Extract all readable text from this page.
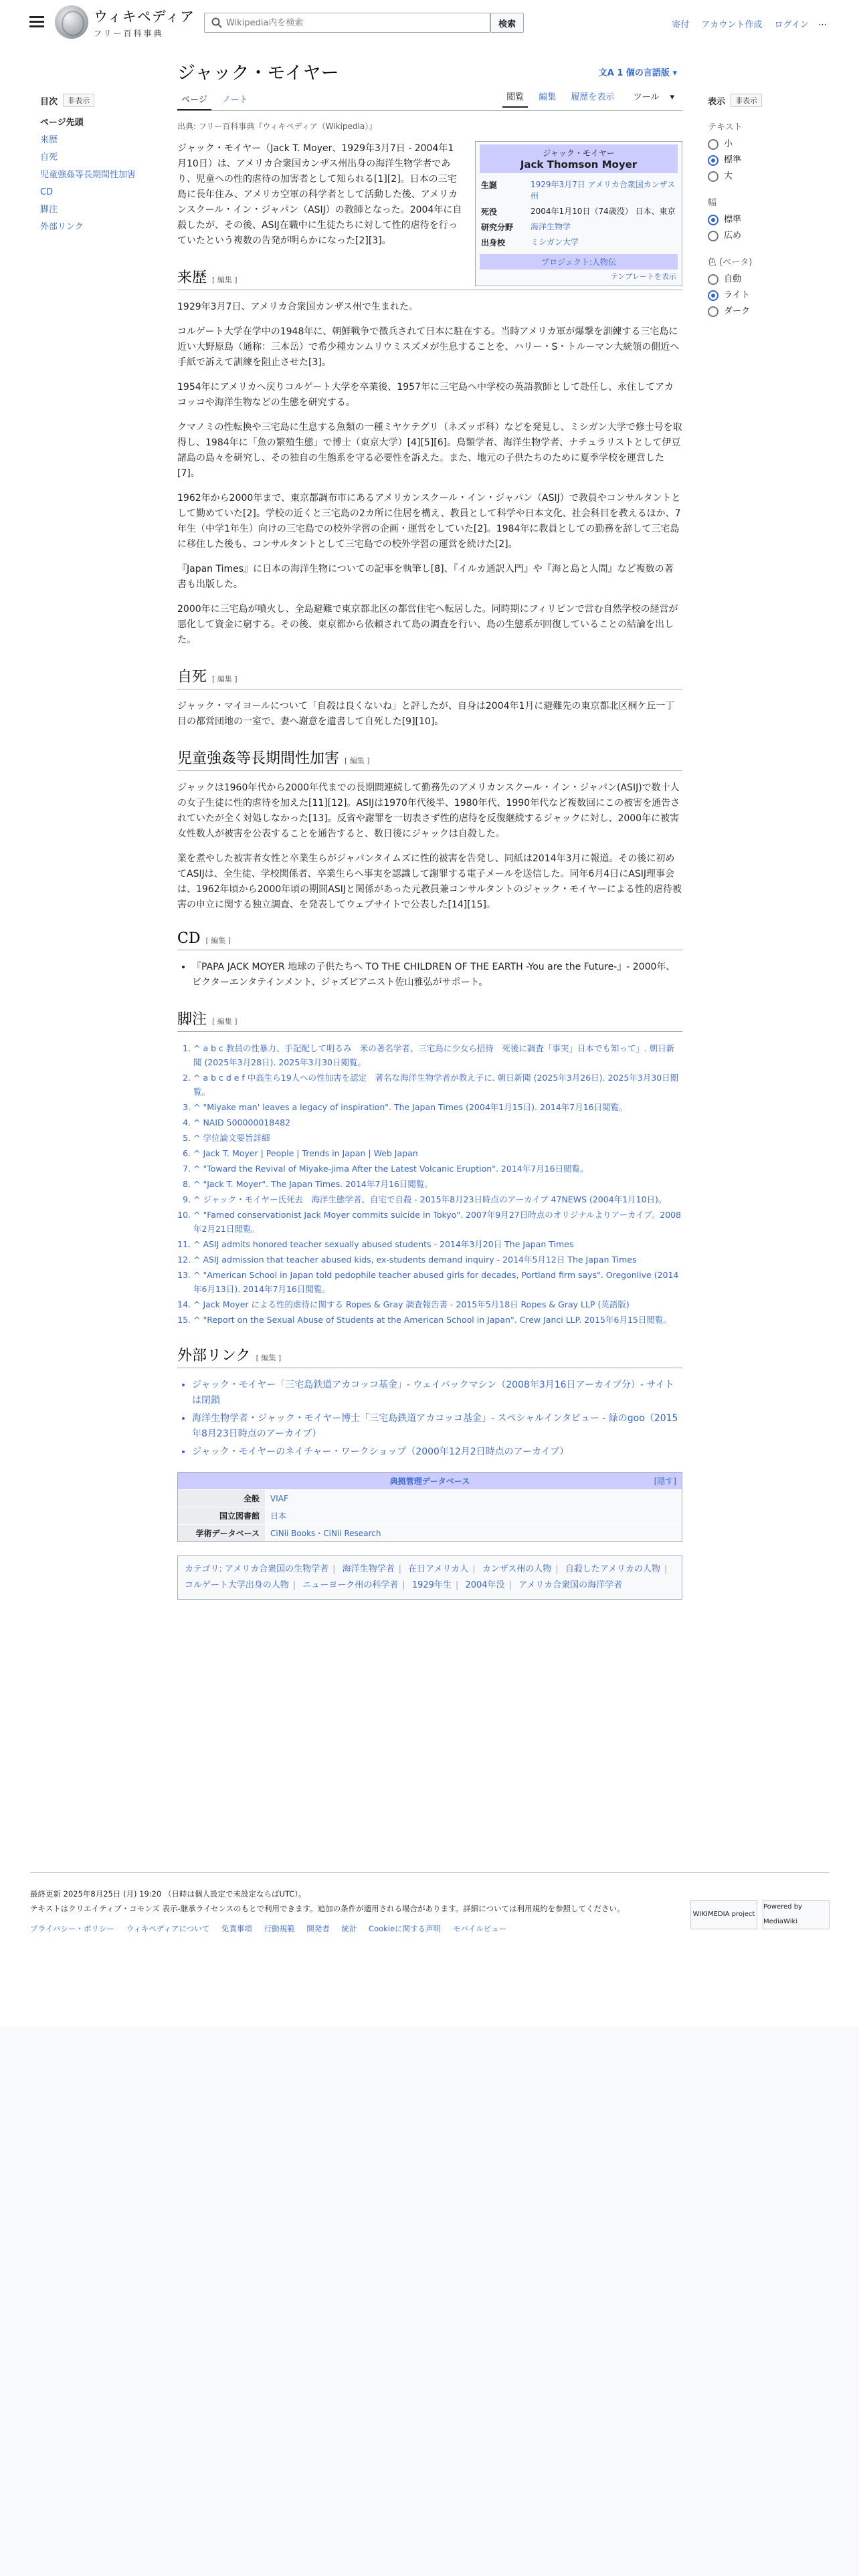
ウィキペディア
フリー百科事典
Wikipedia内を検索
検索	寄付 アカウント作成 ログイン ⋯
目次	非表示
ページ先頭
来歴
自死
児童強姦等長期間性加害
CD
脚注
外部リンク
表示	非表示
テキスト
小
標準
大
幅
標準
広め
色 (ベータ)
自動
ライト
ダーク
ジャック・モイヤー	文A 1 個の言語版 ▾
ページ ノート	閲覧 編集 履歴を表示 ツール ▾
出典: フリー百科事典『ウィキペディア（Wikipedia）』
ジャック・モイヤー
Jack Thomson Moyer
生誕	1929年3月7日 アメリカ合衆国カンザス州
死没	2004年1月10日（74歳没） 日本、東京
研究分野	海洋生物学
出身校	ミシガン大学
プロジェクト:人物伝
テンプレートを表示

ジャック・モイヤー（Jack T. Moyer、1929年3月7日 - 2004年1月10日）は、アメリカ合衆国カンザス州出身の海洋生物学者であり、児童への性的虐待の加害者として知られる[1][2]。日本の三宅島に長年住み、アメリカ空軍の科学者として活動した後、アメリカンスクール・イン・ジャパン（ASIJ）の教師となった。2004年に自殺したが、その後、ASIJ在職中に生徒たちに対して性的虐待を行っていたという複数の告発が明らかになった[2][3]。

来歴 [ 編集 ]

1929年3月7日、アメリカ合衆国カンザス州で生まれた。

コルゲート大学在学中の1948年に、朝鮮戦争で徴兵されて日本に駐在する。当時アメリカ軍が爆撃を訓練する三宅島に近い大野原島（通称：三本岳）で希少種カンムリウミスズメが生息することを、ハリー・S・トルーマン大統領の側近へ手紙で訴えて訓練を阻止させた[3]。

1954年にアメリカへ戻りコルゲート大学を卒業後、1957年に三宅島へ中学校の英語教師として赴任し、永住してアカコッコや海洋生物などの生態を研究する。

クマノミの性転換や三宅島に生息する魚類の一種ミヤケテグリ（ネズッポ科）などを発見し、ミシガン大学で修士号を取得し、1984年に「魚の繁殖生態」で博士（東京大学）[4][5][6]。鳥類学者、海洋生物学者、ナチュラリストとして伊豆諸島の島々を研究し、その独自の生態系を守る必要性を訴えた。また、地元の子供たちのために夏季学校を運営した[7]。

1962年から2000年まで、東京都調布市にあるアメリカンスクール・イン・ジャパン（ASIJ）で教員やコンサルタントとして勤めていた[2]。学校の近くと三宅島の2カ所に住居を構え、教員として科学や日本文化、社会科目を教えるほか、7年生（中学1年生）向けの三宅島での校外学習の企画・運営をしていた[2]。1984年に教員としての勤務を辞して三宅島に移住した後も、コンサルタントとして三宅島での校外学習の運営を続けた[2]。

『Japan Times』に日本の海洋生物についての記事を執筆し[8]、『イルカ通訳入門』や『海と島と人間』など複数の著書も出版した。

2000年に三宅島が噴火し、全島避難で東京都北区の都営住宅へ転居した。同時期にフィリピンで営む自然学校の経営が悪化して資金に窮する。その後、東京都から依頼されて島の調査を行い、島の生態系が回復していることの結論を出した。

自死 [ 編集 ]

ジャック・マイヨールについて「自殺は良くないね」と評したが、自身は2004年1月に避難先の東京都北区桐ケ丘一丁目の都営団地の一室で、妻へ謝意を遺書して自死した[9][10]。

児童強姦等長期間性加害 [ 編集 ]

ジャックは1960年代から2000年代までの長期間連続して勤務先のアメリカンスクール・イン・ジャパン(ASIJ)で数十人の女子生徒に性的虐待を加えた[11][12]。ASIJは1970年代後半、1980年代、1990年代など複数回にこの被害を通告されていたが全く対処しなかった[13]。反省や謝罪を一切表さず性的虐待を反復継続するジャックに対し、2000年に被害女性数人が被害を公表することを通告すると、数日後にジャックは自殺した。

業を煮やした被害者女性と卒業生らがジャパンタイムズに性的被害を告発し、同紙は2014年3月に報道。その後に初めてASIJは、全生徒、学校関係者、卒業生らへ事実を認識して謝罪する電子メールを送信した。同年6月4日にASIJ理事会は、1962年頃から2000年頃の期間ASIJと関係があった元教員兼コンサルタントのジャック・モイヤーによる性的虐待被害の申立に関する独立調査、を発表してウェブサイトで公表した[14][15]。

CD [ 編集 ]
• 『PAPA JACK MOYER 地球の子供たちへ TO THE CHILDREN OF THE EARTH -You are the Future-』- 2000年、ビクターエンタテインメント、ジャズピアニスト佐山雅弘がサポート。
脚注 [ 編集 ]
1. ^ a b c 教員の性暴力、手記配して明るみ　米の著名学者、三宅島に少女ら招待　死後に調査「事実」日本でも知って」. 朝日新聞 (2025年3月28日). 2025年3月30日閲覧。
2. ^ a b c d e f 中高生ら19人への性加害を認定　著名な海洋生物学者が教え子に. 朝日新聞 (2025年3月26日). 2025年3月30日閲覧。
3. ^ "Miyake man' leaves a legacy of inspiration". The Japan Times (2004年1月15日). 2014年7月16日閲覧。
4. ^ NAID 500000018482
5. ^ 学位論文要旨詳細
6. ^ Jack T. Moyer | People | Trends in Japan | Web Japan
7. ^ "Toward the Revival of Miyake-jima After the Latest Volcanic Eruption". 2014年7月16日閲覧。
8. ^ "Jack T. Moyer". The Japan Times. 2014年7月16日閲覧。
9. ^ ジャック・モイヤー氏死去　海洋生態学者、自宅で自殺 - 2015年8月23日時点のアーカイブ 47NEWS (2004年1月10日)。
10. ^ "Famed conservationist Jack Moyer commits suicide in Tokyo". 2007年9月27日時点のオリジナルよりアーカイブ。2008年2月21日閲覧。
11. ^ ASIJ admits honored teacher sexually abused students - 2014年3月20日 The Japan Times
12. ^ ASIJ admission that teacher abused kids, ex-students demand inquiry - 2014年5月12日 The Japan Times
13. ^ "American School in Japan told pedophile teacher abused girls for decades, Portland firm says". Oregonlive (2014年6月13日). 2014年7月16日閲覧。
14. ^ Jack Moyer による性的虐待に関する Ropes & Gray 調査報告書 - 2015年5月18日 Ropes & Gray LLP (英語版)
15. ^ "Report on the Sexual Abuse of Students at the American School in Japan". Crew Janci LLP. 2015年6月15日閲覧。
外部リンク [ 編集 ]
• ジャック・モイヤー「三宅島鉄道アカコッコ基金」- ウェイバックマシン（2008年3月16日アーカイブ分）- サイトは閉鎖
• 海洋生物学者・ジャック・モイヤー博士「三宅島鉄道アカコッコ基金」- スペシャルインタビュー - 緑のgoo（2015年8月23日時点のアーカイブ）
• ジャック・モイヤーのネイチャー・ワークショップ（2000年12月2日時点のアーカイブ）
典拠管理データベース	[隠す]
全般	VIAF
国立図書館	日本
学術データベース	CiNii Books・CiNii Research
カテゴリ: アメリカ合衆国の生物学者 | 海洋生物学者 | 在日アメリカ人 | カンザス州の人物 | 自殺したアメリカの人物 | コルゲート大学出身の人物 | ニューヨーク州の科学者 | 1929年生 | 2004年没 | アメリカ合衆国の海洋学者
最終更新 2025年8月25日 (月) 19:20 （日時は個人設定で未設定ならばUTC）。
テキストはクリエイティブ・コモンズ 表示-継承ライセンスのもとで利用できます。追加の条件が適用される場合があります。詳細については利用規約を参照してください。
プライバシー・ポリシー ウィキペディアについて 免責事項 行動規範 開発者 統計 Cookieに関する声明 モバイルビュー
WIKIMEDIA project
Powered by MediaWiki
